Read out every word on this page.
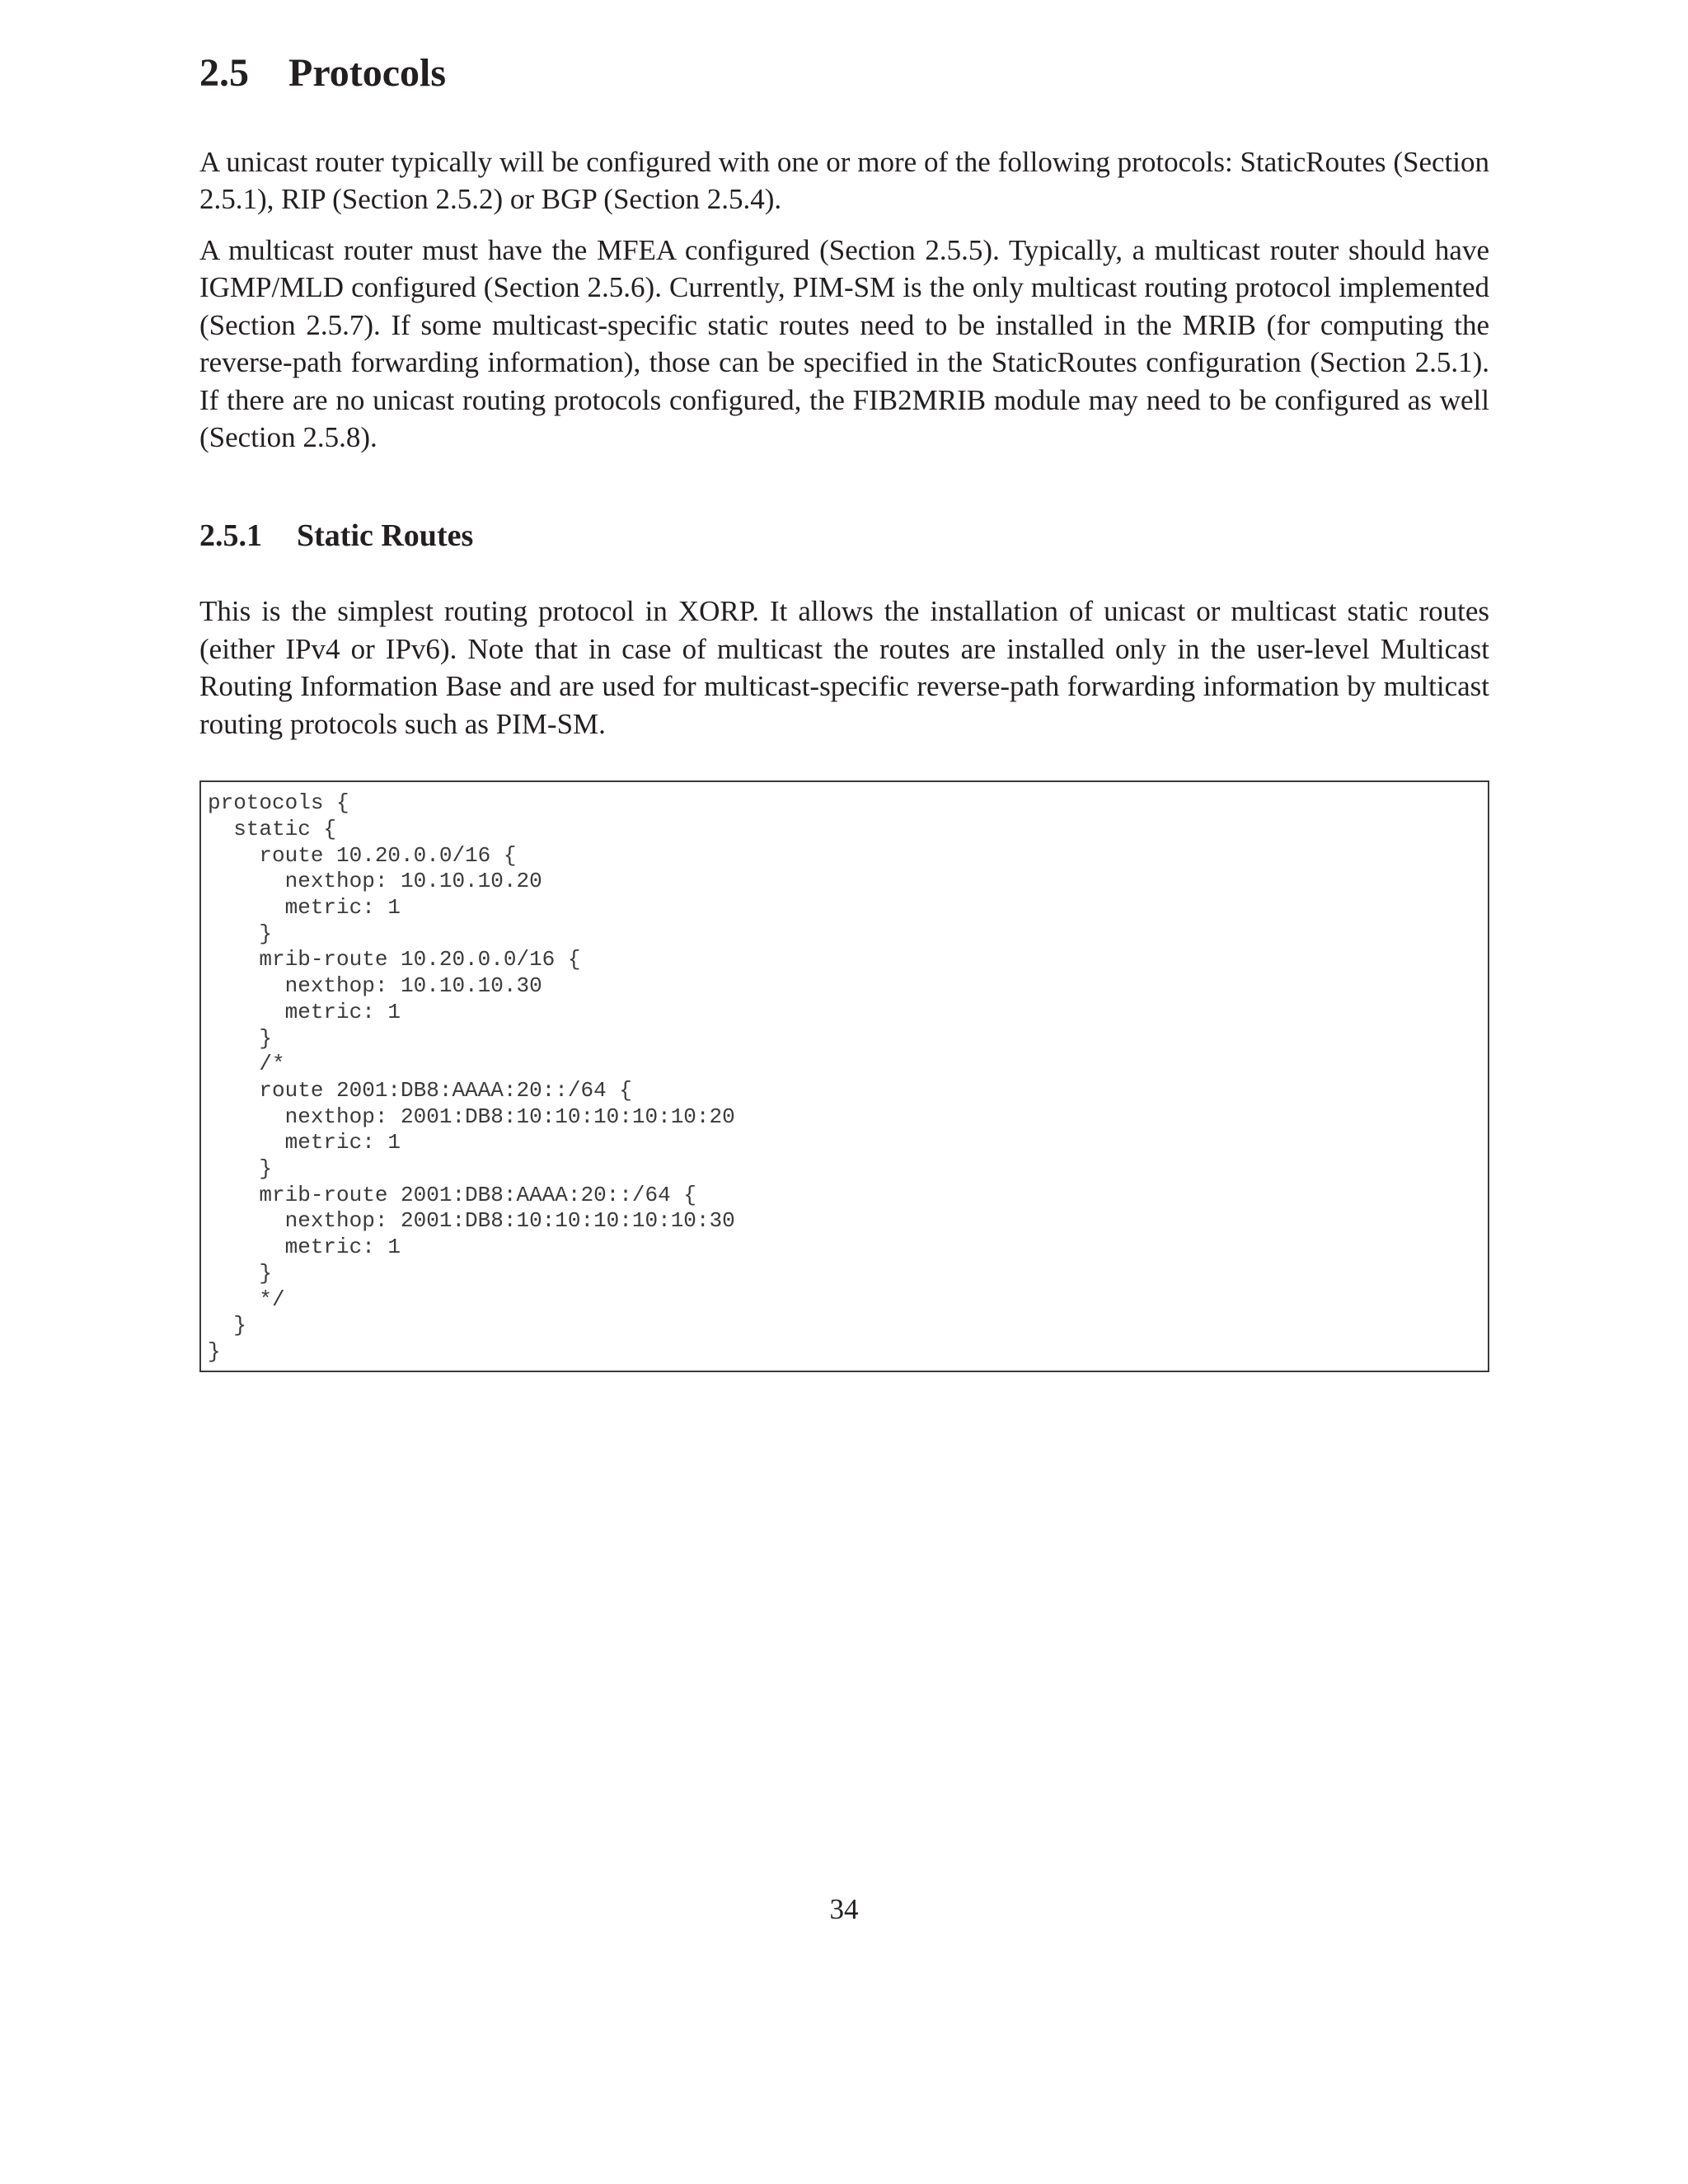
2.5 Protocols

A unicast router typically will be configured with one or more of the following protocols: StaticRoutes (Section 2.5.1), RIP (Section 2.5.2) or BGP (Section 2.5.4).

A multicast router must have the MFEA configured (Section 2.5.5). Typically, a multicast router should have IGMP/MLD configured (Section 2.5.6). Currently, PIM-SM is the only multicast routing protocol implemented (Section 2.5.7). If some multicast-specific static routes need to be installed in the MRIB (for computing the reverse-path forwarding information), those can be specified in the StaticRoutes configuration (Section 2.5.1). If there are no unicast routing protocols configured, the FIB2MRIB module may need to be configured as well (Section 2.5.8).

2.5.1 Static Routes

This is the simplest routing protocol in XORP. It allows the installation of unicast or multicast static routes (either IPv4 or IPv6). Note that in case of multicast the routes are installed only in the user-level Multicast Routing Information Base and are used for multicast-specific reverse-path forwarding information by multicast routing protocols such as PIM-SM.

protocols {
static {
route 10.20.0.0/16 {
nexthop: 10.10.10.20
metric: 1
}
mrib-route 10.20.0.0/16 {
nexthop: 10.10.10.30
metric: 1
}
/*
route 2001:DB8:AAAA:20::/64 {
nexthop: 2001:DB8:10:10:10:10:10:20
metric: 1
}
mrib-route 2001:DB8:AAAA:20::/64 {
nexthop: 2001:DB8:10:10:10:10:10:30
metric: 1
}
*/
}
}
34
